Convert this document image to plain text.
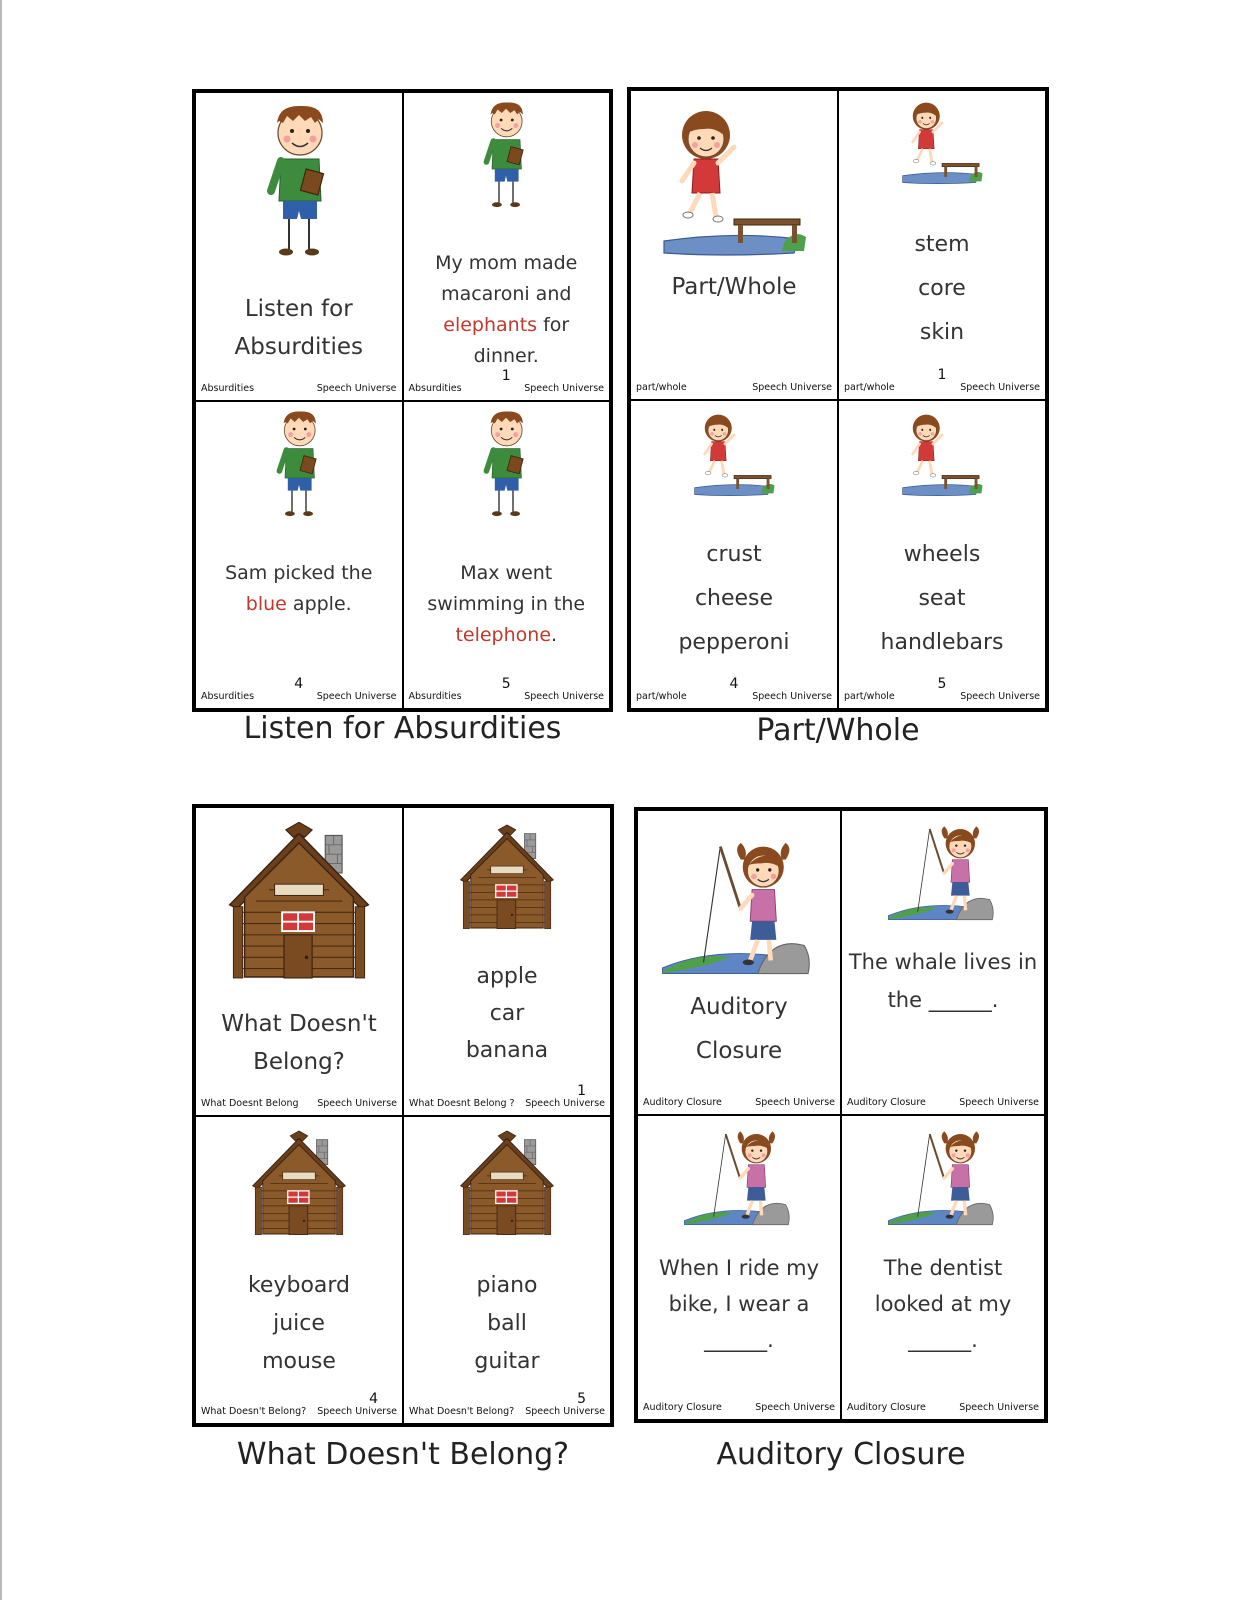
Listen for
Absurdities
Absurdities	Speech Universe
My mom made macaroni and elephants for dinner.
1
Absurdities	Speech Universe
Sam picked the blue apple.
4
Absurdities	Speech Universe
Max went swimming in the telephone.
5
Absurdities	Speech Universe
Listen for Absurdities
Part/Whole
part/whole	Speech Universe
stem
core
skin
1
part/whole	Speech Universe
crust
cheese
pepperoni
4
part/whole	Speech Universe
wheels
seat
handlebars
5
part/whole	Speech Universe
Part/Whole
What Doesn't
Belong?
What Doesnt Belong Speech Universe
apple
car
banana
1
What Doesnt Belong ? Speech Universe
keyboard
juice
mouse
4
What Doesn't Belong? Speech Universe
piano
ball
guitar
5
What Doesn't Belong? Speech Universe
What Doesn't Belong?
Auditory
Closure
Auditory Closure	Speech Universe
The whale lives in
the ______.
Auditory Closure	Speech Universe
When I ride my
bike, I wear a
______.
Auditory Closure	Speech Universe
The dentist
looked at my
______.
Auditory Closure	Speech Universe
Auditory Closure
